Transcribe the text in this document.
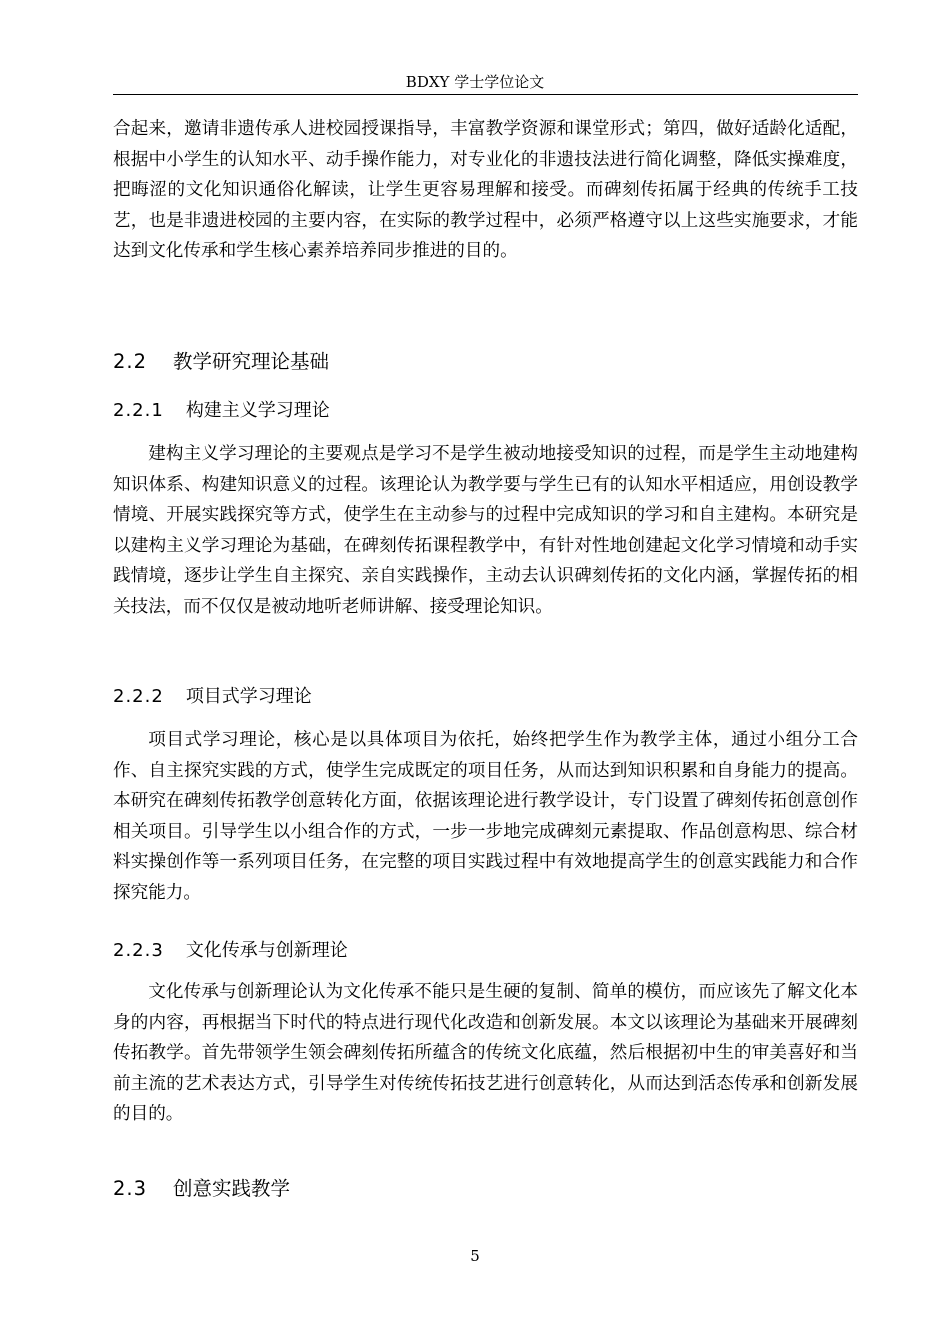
BDXY 学士学位论文

合起来，邀请非遗传承人进校园授课指导，丰富教学资源和课堂形式；第四，做好适龄化适配，根据中小学生的认知水平、动手操作能力，对专业化的非遗技法进行简化调整，降低实操难度，把晦涩的文化知识通俗化解读，让学生更容易理解和接受。而碑刻传拓属于经典的传统手工技艺，也是非遗进校园的主要内容，在实际的教学过程中，必须严格遵守以上这些实施要求，才能达到文化传承和学生核心素养培养同步推进的目的。

2.2 教学研究理论基础
2.2.1 构建主义学习理论

建构主义学习理论的主要观点是学习不是学生被动地接受知识的过程，而是学生主动地建构知识体系、构建知识意义的过程。该理论认为教学要与学生已有的认知水平相适应，用创设教学情境、开展实践探究等方式，使学生在主动参与的过程中完成知识的学习和自主建构。本研究是以建构主义学习理论为基础，在碑刻传拓课程教学中，有针对性地创建起文化学习情境和动手实践情境，逐步让学生自主探究、亲自实践操作，主动去认识碑刻传拓的文化内涵，掌握传拓的相关技法，而不仅仅是被动地听老师讲解、接受理论知识。

2.2.2 项目式学习理论

项目式学习理论，核心是以具体项目为依托，始终把学生作为教学主体，通过小组分工合作、自主探究实践的方式，使学生完成既定的项目任务，从而达到知识积累和自身能力的提高。本研究在碑刻传拓教学创意转化方面，依据该理论进行教学设计，专门设置了碑刻传拓创意创作相关项目。引导学生以小组合作的方式，一步一步地完成碑刻元素提取、作品创意构思、综合材料实操创作等一系列项目任务，在完整的项目实践过程中有效地提高学生的创意实践能力和合作探究能力。

2.2.3 文化传承与创新理论

文化传承与创新理论认为文化传承不能只是生硬的复制、简单的模仿，而应该先了解文化本身的内容，再根据当下时代的特点进行现代化改造和创新发展。本文以该理论为基础来开展碑刻传拓教学。首先带领学生领会碑刻传拓所蕴含的传统文化底蕴，然后根据初中生的审美喜好和当前主流的艺术表达方式，引导学生对传统传拓技艺进行创意转化，从而达到活态传承和创新发展的目的。

2.3 创意实践教学
5
